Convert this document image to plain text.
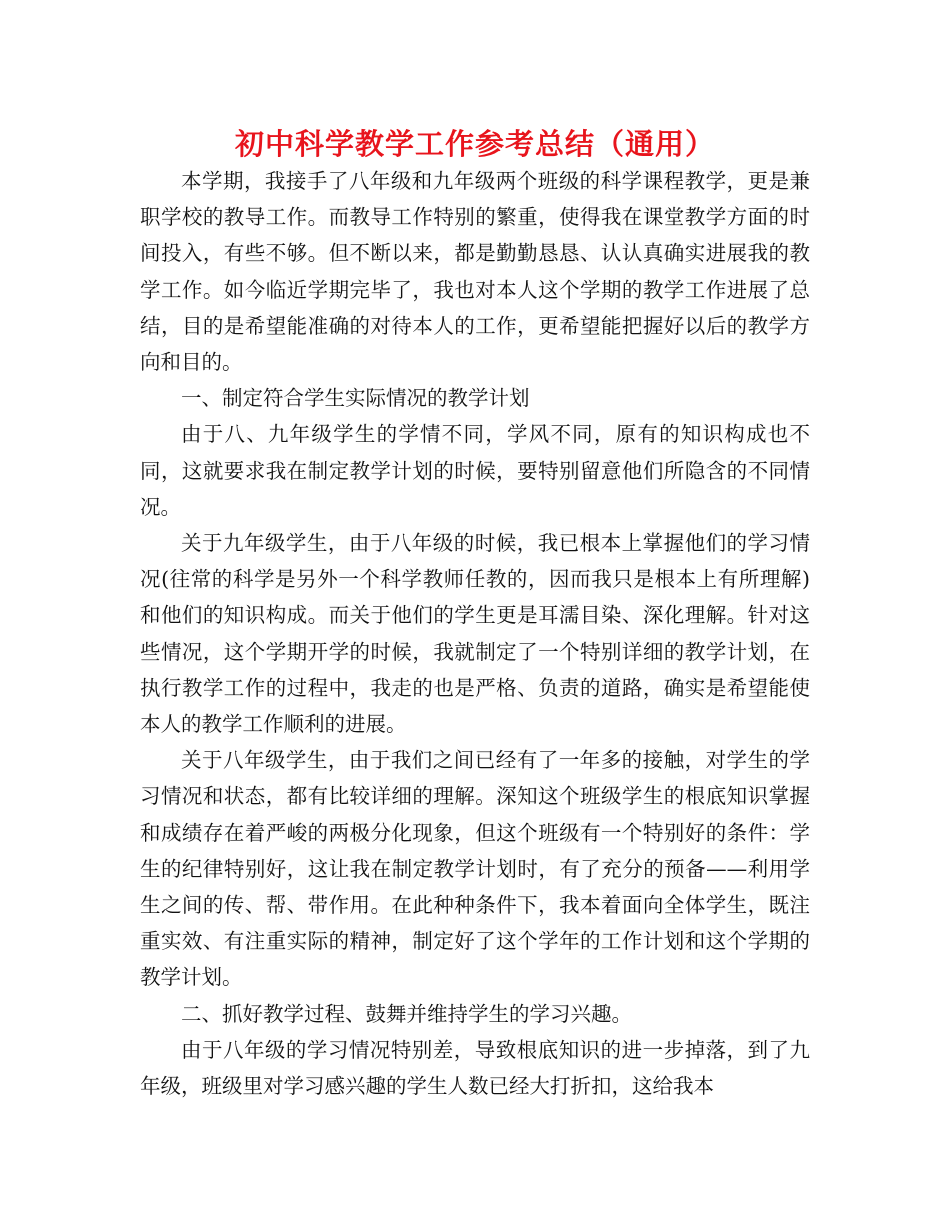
初中科学教学工作参考总结（通用）

本学期，我接手了八年级和九年级两个班级的科学课程教学，更是兼职学校的教导工作。而教导工作特别的繁重，使得我在课堂教学方面的时间投入，有些不够。但不断以来，都是勤勤恳恳、认认真确实进展我的教学工作。如今临近学期完毕了，我也对本人这个学期的教学工作进展了总结，目的是希望能准确的对待本人的工作，更希望能把握好以后的教学方向和目的。

一、制定符合学生实际情况的教学计划

由于八、九年级学生的学情不同，学风不同，原有的知识构成也不同，这就要求我在制定教学计划的时候，要特别留意他们所隐含的不同情况。

关于九年级学生，由于八年级的时候，我已根本上掌握他们的学习情况(往常的科学是另外一个科学教师任教的，因而我只是根本上有所理解)和他们的知识构成。而关于他们的学生更是耳濡目染、深化理解。针对这些情况，这个学期开学的时候，我就制定了一个特别详细的教学计划，在执行教学工作的过程中，我走的也是严格、负责的道路，确实是希望能使本人的教学工作顺利的进展。

关于八年级学生，由于我们之间已经有了一年多的接触，对学生的学习情况和状态，都有比较详细的理解。深知这个班级学生的根底知识掌握和成绩存在着严峻的两极分化现象，但这个班级有一个特别好的条件：学生的纪律特别好，这让我在制定教学计划时，有了充分的预备——利用学生之间的传、帮、带作用。在此种种条件下，我本着面向全体学生，既注重实效、有注重实际的精神，制定好了这个学年的工作计划和这个学期的教学计划。

二、抓好教学过程、鼓舞并维持学生的学习兴趣。

由于八年级的学习情况特别差，导致根底知识的进一步掉落，到了九年级，班级里对学习感兴趣的学生人数已经大打折扣，这给我本
